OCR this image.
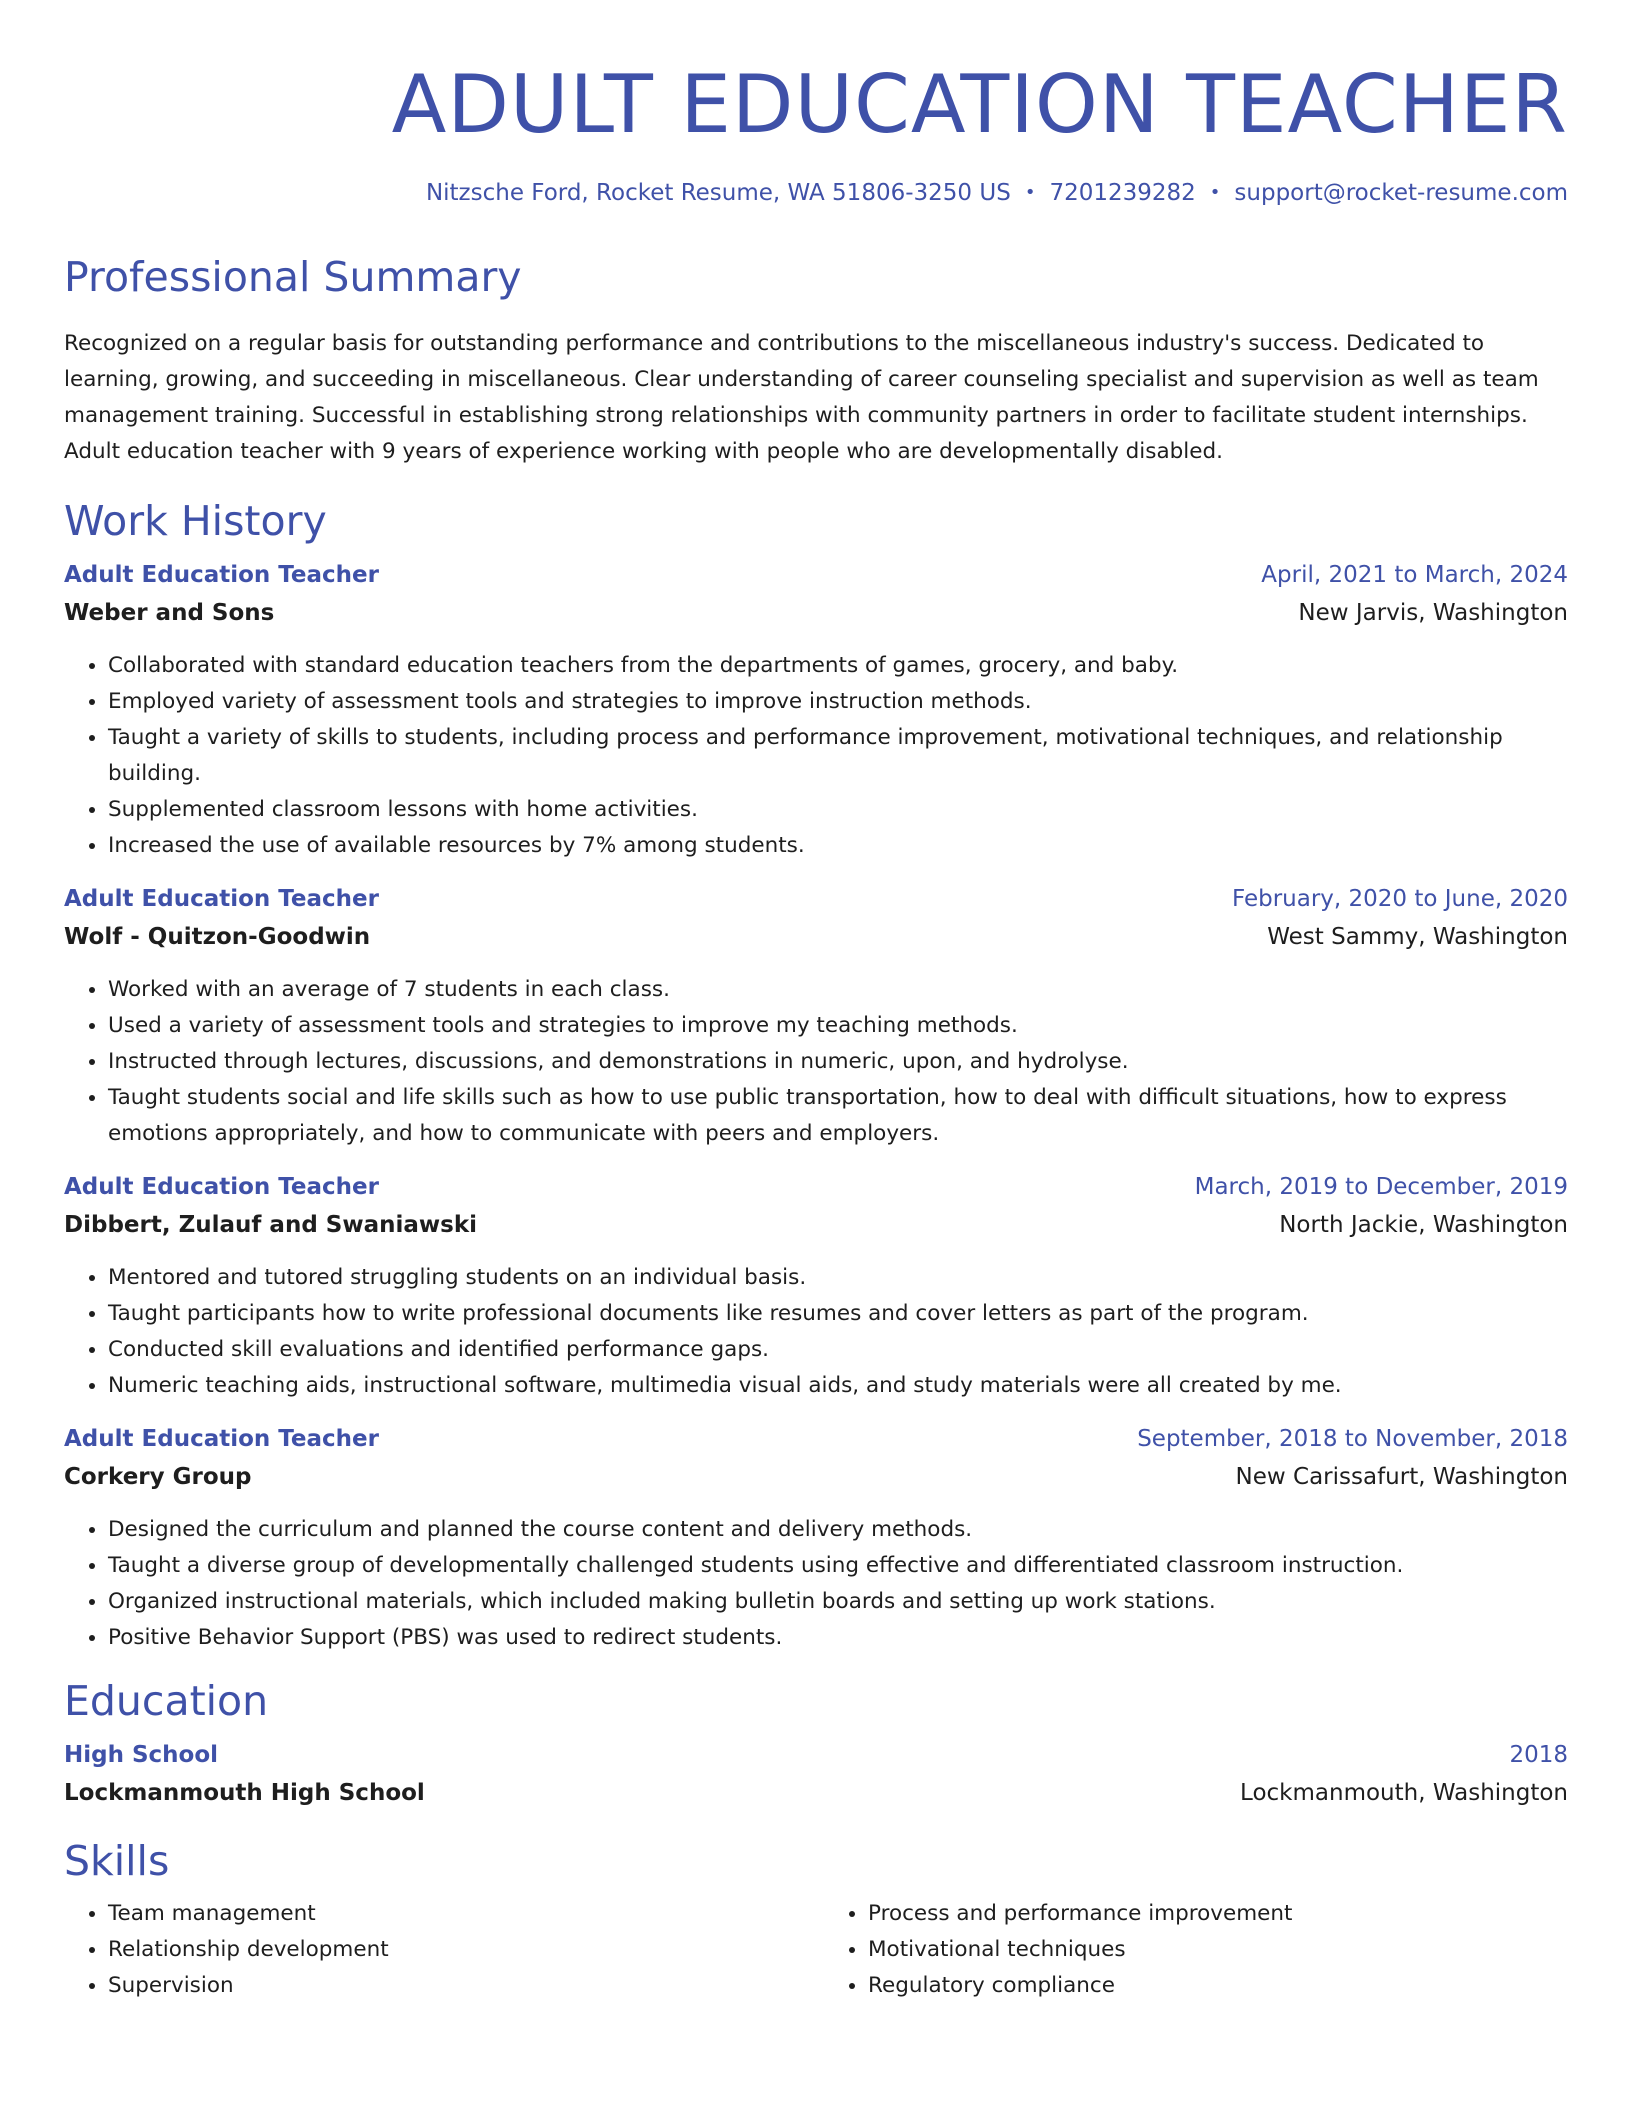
ADULT EDUCATION TEACHER
Nitzsche Ford, Rocket Resume, WA 51806-3250 US • 7201239282 • support@rocket-resume.com
Professional Summary
Recognized on a regular basis for outstanding performance and contributions to the miscellaneous industry's success. Dedicated to learning, growing, and succeeding in miscellaneous. Clear understanding of career counseling specialist and supervision as well as team management training. Successful in establishing strong relationships with community partners in order to facilitate student internships. Adult education teacher with 9 years of experience working with people who are developmentally disabled.
Work History
Adult Education Teacher	April, 2021 to March, 2024
Weber and Sons	New Jarvis, Washington
• Collaborated with standard education teachers from the departments of games, grocery, and baby.
• Employed variety of assessment tools and strategies to improve instruction methods.
• Taught a variety of skills to students, including process and performance improvement, motivational techniques, and relationship building.
• Supplemented classroom lessons with home activities.
• Increased the use of available resources by 7% among students.
Adult Education Teacher	February, 2020 to June, 2020
Wolf - Quitzon-Goodwin	West Sammy, Washington
• Worked with an average of 7 students in each class.
• Used a variety of assessment tools and strategies to improve my teaching methods.
• Instructed through lectures, discussions, and demonstrations in numeric, upon, and hydrolyse.
• Taught students social and life skills such as how to use public transportation, how to deal with difficult situations, how to express emotions appropriately, and how to communicate with peers and employers.
Adult Education Teacher	March, 2019 to December, 2019
Dibbert, Zulauf and Swaniawski	North Jackie, Washington
• Mentored and tutored struggling students on an individual basis.
• Taught participants how to write professional documents like resumes and cover letters as part of the program.
• Conducted skill evaluations and identified performance gaps.
• Numeric teaching aids, instructional software, multimedia visual aids, and study materials were all created by me.
Adult Education Teacher	September, 2018 to November, 2018
Corkery Group	New Carissafurt, Washington
• Designed the curriculum and planned the course content and delivery methods.
• Taught a diverse group of developmentally challenged students using effective and differentiated classroom instruction.
• Organized instructional materials, which included making bulletin boards and setting up work stations.
• Positive Behavior Support (PBS) was used to redirect students.
Education
High School	2018
Lockmanmouth High School	Lockmanmouth, Washington
Skills
• Team management
• Relationship development
• Supervision
• Process and performance improvement
• Motivational techniques
• Regulatory compliance
